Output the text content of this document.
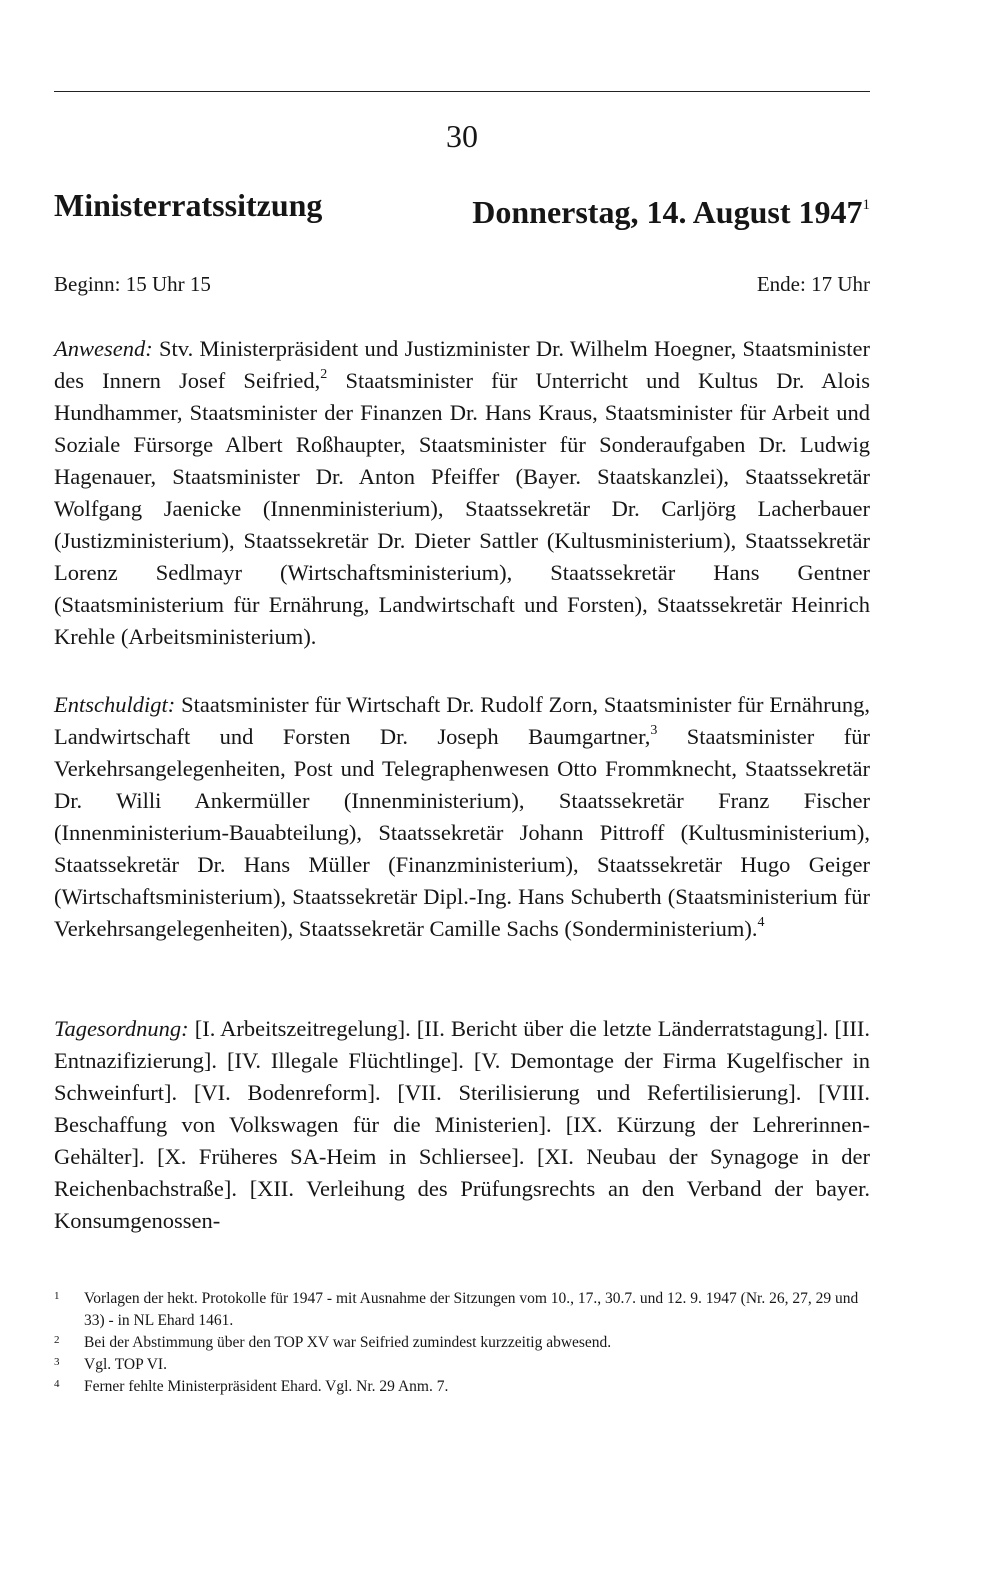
30
Ministerratssitzung	Donnerstag, 14. August 1947$^1$
Beginn: 15 Uhr 15	Ende: 17 Uhr

Anwesend: Stv. Ministerpräsident und Justizminister Dr. Wilhelm Hoegner, Staatsminister des Innern Josef Seifried,$^2$ Staatsminister für Unterricht und Kultus Dr. Alois Hundhammer, Staatsminister der Finanzen Dr. Hans Kraus, Staatsminister für Arbeit und Soziale Fürsorge Albert Roßhaupter, Staatsminister für Sonderaufgaben Dr. Ludwig Hagenauer, Staatsminister Dr. Anton Pfeiffer (Bayer. Staatskanzlei), Staatssekretär Wolfgang Jaenicke (Innenministerium), Staatssekretär Dr. Carljörg Lacherbauer (Justizministerium), Staatssekretär Dr. Dieter Sattler (Kultusministerium), Staatssekretär Lorenz Sedlmayr (Wirtschaftsministerium), Staatssekretär Hans Gentner (Staatsministerium für Ernährung, Landwirtschaft und Forsten), Staatssekretär Heinrich Krehle (Arbeitsministerium).

Entschuldigt: Staatsminister für Wirtschaft Dr. Rudolf Zorn, Staatsminister für Ernährung, Landwirtschaft und Forsten Dr. Joseph Baumgartner,$^3$ Staatsminister für Verkehrsangelegenheiten, Post und Telegraphenwesen Otto Frommknecht, Staatssekretär Dr. Willi Ankermüller (Innenministerium), Staatssekretär Franz Fischer (Innenministerium-Bauabteilung), Staatssekretär Johann Pittroff (Kultusministerium), Staatssekretär Dr. Hans Müller (Finanzministerium), Staatssekretär Hugo Geiger (Wirtschaftsministerium), Staatssekretär Dipl.-Ing. Hans Schuberth (Staatsministerium für Verkehrsangelegenheiten), Staatssekretär Camille Sachs (Sonderministerium).$^4$

Tagesordnung: [I. Arbeitszeitregelung]. [II. Bericht über die letzte Länderratstagung]. [III. Entnazifizierung]. [IV. Illegale Flüchtlinge]. [V. Demontage der Firma Kugelfischer in Schweinfurt]. [VI. Bodenreform]. [VII. Sterilisierung und Refertilisierung]. [VIII. Beschaffung von Volkswagen für die Ministerien]. [IX. Kürzung der Lehrerinnen-Gehälter]. [X. Früheres SA-Heim in Schliersee]. [XI. Neubau der Synagoge in der Reichenbachstraße]. [XII. Verleihung des Prüfungsrechts an den Verband der bayer. Konsumgenossen-

1 Vorlagen der hekt. Protokolle für 1947 - mit Ausnahme der Sitzungen vom 10., 17., 30.7. und 12. 9. 1947 (Nr. 26, 27, 29 und 33) - in NL Ehard 1461.
2 Bei der Abstimmung über den TOP XV war Seifried zumindest kurzzeitig abwesend.
3 Vgl. TOP VI.
4 Ferner fehlte Ministerpräsident Ehard. Vgl. Nr. 29 Anm. 7.
